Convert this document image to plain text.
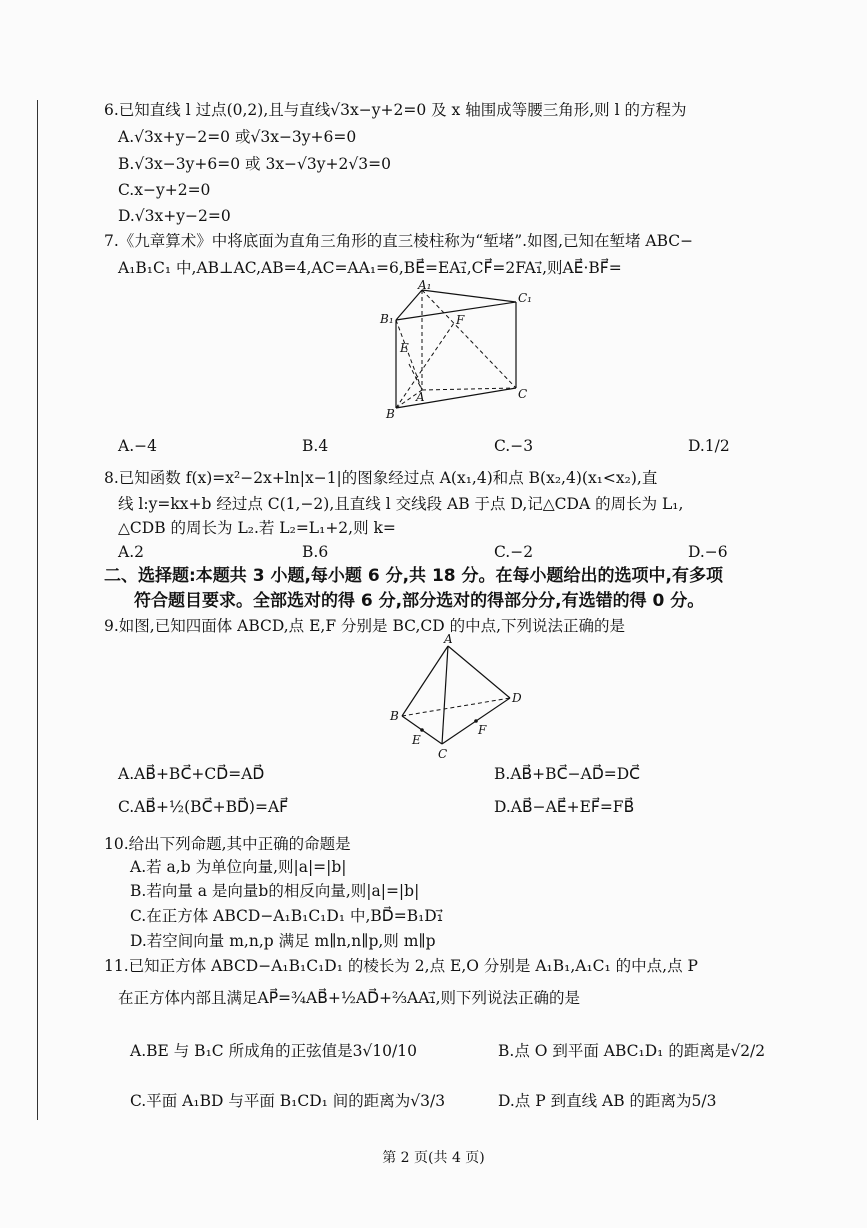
6.已知直线 l 过点(0,2),且与直线√3x−y+2=0 及 x 轴围成等腰三角形,则 l 的方程为
A.√3x+y−2=0 或√3x−3y+6=0
B.√3x−3y+6=0 或 3x−√3y+2√3=0
C.x−y+2=0
D.√3x+y−2=0
7.《九章算术》中将底面为直角三角形的直三棱柱称为“堑堵”.如图,已知在堑堵 ABC−
A₁B₁C₁ 中,AB⊥AC,AB=4,AC=AA₁=6,BE⃗=EA₁⃗,CF⃗=2FA₁⃗,则AE⃗·BF⃗=
A₁
C₁
B₁	F
E
A	C
B
A.−4	B.4	C.−3	D.1/2
8.已知函数 f(x)=x²−2x+ln|x−1|的图象经过点 A(x₁,4)和点 B(x₂,4)(x₁<x₂),直
线 l:y=kx+b 经过点 C(1,−2),且直线 l 交线段 AB 于点 D,记△CDA 的周长为 L₁,
△CDB 的周长为 L₂.若 L₂=L₁+2,则 k=
A.2	B.6	C.−2	D.−6
二、选择题:本题共 3 小题,每小题 6 分,共 18 分。在每小题给出的选项中,有多项
符合题目要求。全部选对的得 6 分,部分选对的得部分分,有选错的得 0 分。
9.如图,已知四面体 ABCD,点 E,F 分别是 BC,CD 的中点,下列说法正确的是
A
B
C
D
E
F
A.AB⃗+BC⃗+CD⃗=AD⃗	B.AB⃗+BC⃗−AD⃗=DC⃗
C.AB⃗+½(BC⃗+BD⃗)=AF⃗	D.AB⃗−AE⃗+EF⃗=FB⃗
10.给出下列命题,其中正确的命题是
A.若 a,b 为单位向量,则|a|=|b|
B.若向量 a 是向量b的相反向量,则|a|=|b|
C.在正方体 ABCD−A₁B₁C₁D₁ 中,BD⃗=B₁D₁⃗
D.若空间向量 m,n,p 满足 m∥n,n∥p,则 m∥p
11.已知正方体 ABCD−A₁B₁C₁D₁ 的棱长为 2,点 E,O 分别是 A₁B₁,A₁C₁ 的中点,点 P
在正方体内部且满足AP⃗=¾AB⃗+½AD⃗+⅔AA₁⃗,则下列说法正确的是
A.BE 与 B₁C 所成角的正弦值是3√10/10	B.点 O 到平面 ABC₁D₁ 的距离是√2/2
C.平面 A₁BD 与平面 B₁CD₁ 间的距离为√3/3	D.点 P 到直线 AB 的距离为5/3
第 2 页(共 4 页)
